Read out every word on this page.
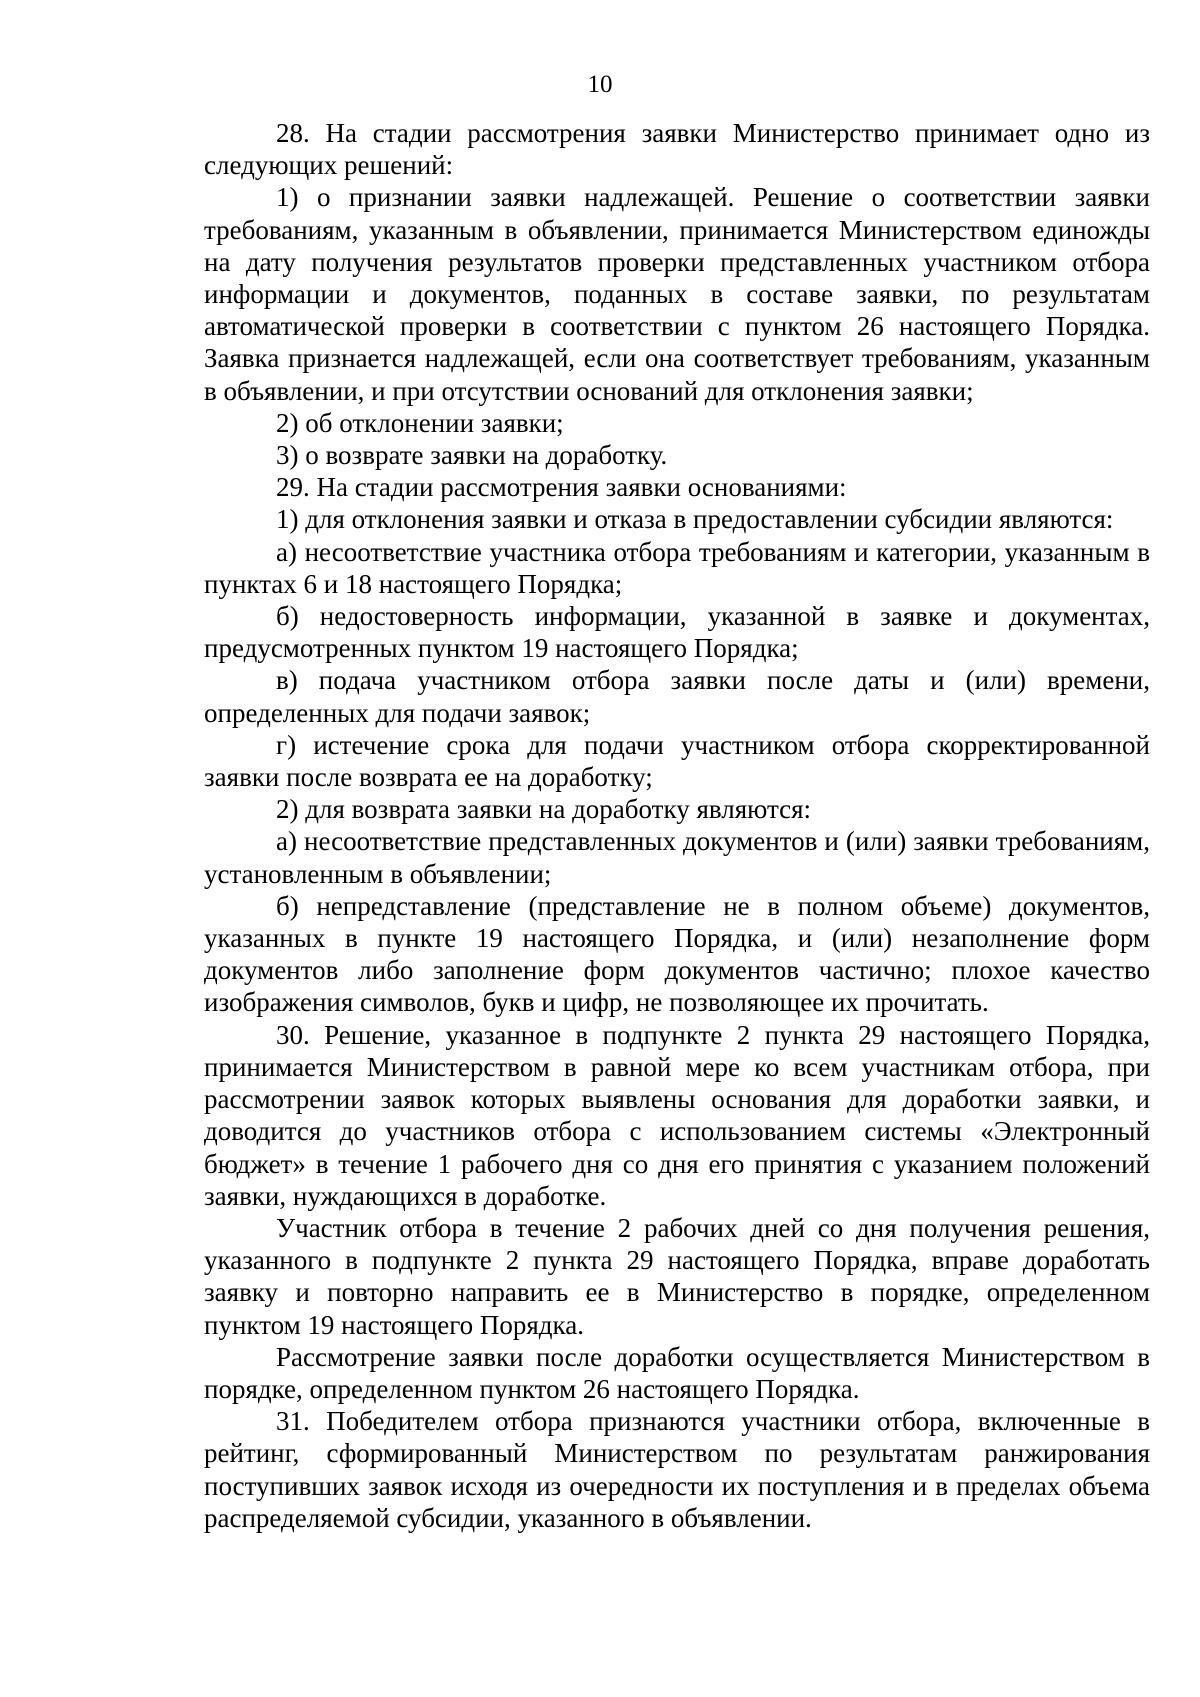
10

28. На стадии рассмотрения заявки Министерство принимает одно из следующих решений:

1) о признании заявки надлежащей. Решение о соответствии заявки требованиям, указанным в объявлении, принимается Министерством единожды на дату получения результатов проверки представленных участником отбора информации и документов, поданных в составе заявки, по результатам автоматической проверки в соответствии с пунктом 26 настоящего Порядка. Заявка признается надлежащей, если она соответствует требованиям, указанным в объявлении, и при отсутствии оснований для отклонения заявки;

2) об отклонении заявки;

3) о возврате заявки на доработку.

29. На стадии рассмотрения заявки основаниями:

1) для отклонения заявки и отказа в предоставлении субсидии являются:

а) несоответствие участника отбора требованиям и категории, указанным в пунктах 6 и 18 настоящего Порядка;

б) недостоверность информации, указанной в заявке и документах, предусмотренных пунктом 19 настоящего Порядка;

в) подача участником отбора заявки после даты и (или) времени, определенных для подачи заявок;

г) истечение срока для подачи участником отбора скорректированной заявки после возврата ее на доработку;

2) для возврата заявки на доработку являются:

а) несоответствие представленных документов и (или) заявки требованиям, установленным в объявлении;

б) непредставление (представление не в полном объеме) документов, указанных в пункте 19 настоящего Порядка, и (или) незаполнение форм документов либо заполнение форм документов частично; плохое качество изображения символов, букв и цифр, не позволяющее их прочитать.

30. Решение, указанное в подпункте 2 пункта 29 настоящего Порядка, принимается Министерством в равной мере ко всем участникам отбора, при рассмотрении заявок которых выявлены основания для доработки заявки, и доводится до участников отбора с использованием системы «Электронный бюджет» в течение 1 рабочего дня со дня его принятия с указанием положений заявки, нуждающихся в доработке.

Участник отбора в течение 2 рабочих дней со дня получения решения, указанного в подпункте 2 пункта 29 настоящего Порядка, вправе доработать заявку и повторно направить ее в Министерство в порядке, определенном пунктом 19 настоящего Порядка.

Рассмотрение заявки после доработки осуществляется Министерством в порядке, определенном пунктом 26 настоящего Порядка.

31. Победителем отбора признаются участники отбора, включенные в рейтинг, сформированный Министерством по результатам ранжирования поступивших заявок исходя из очередности их поступления и в пределах объема распределяемой субсидии, указанного в объявлении.
